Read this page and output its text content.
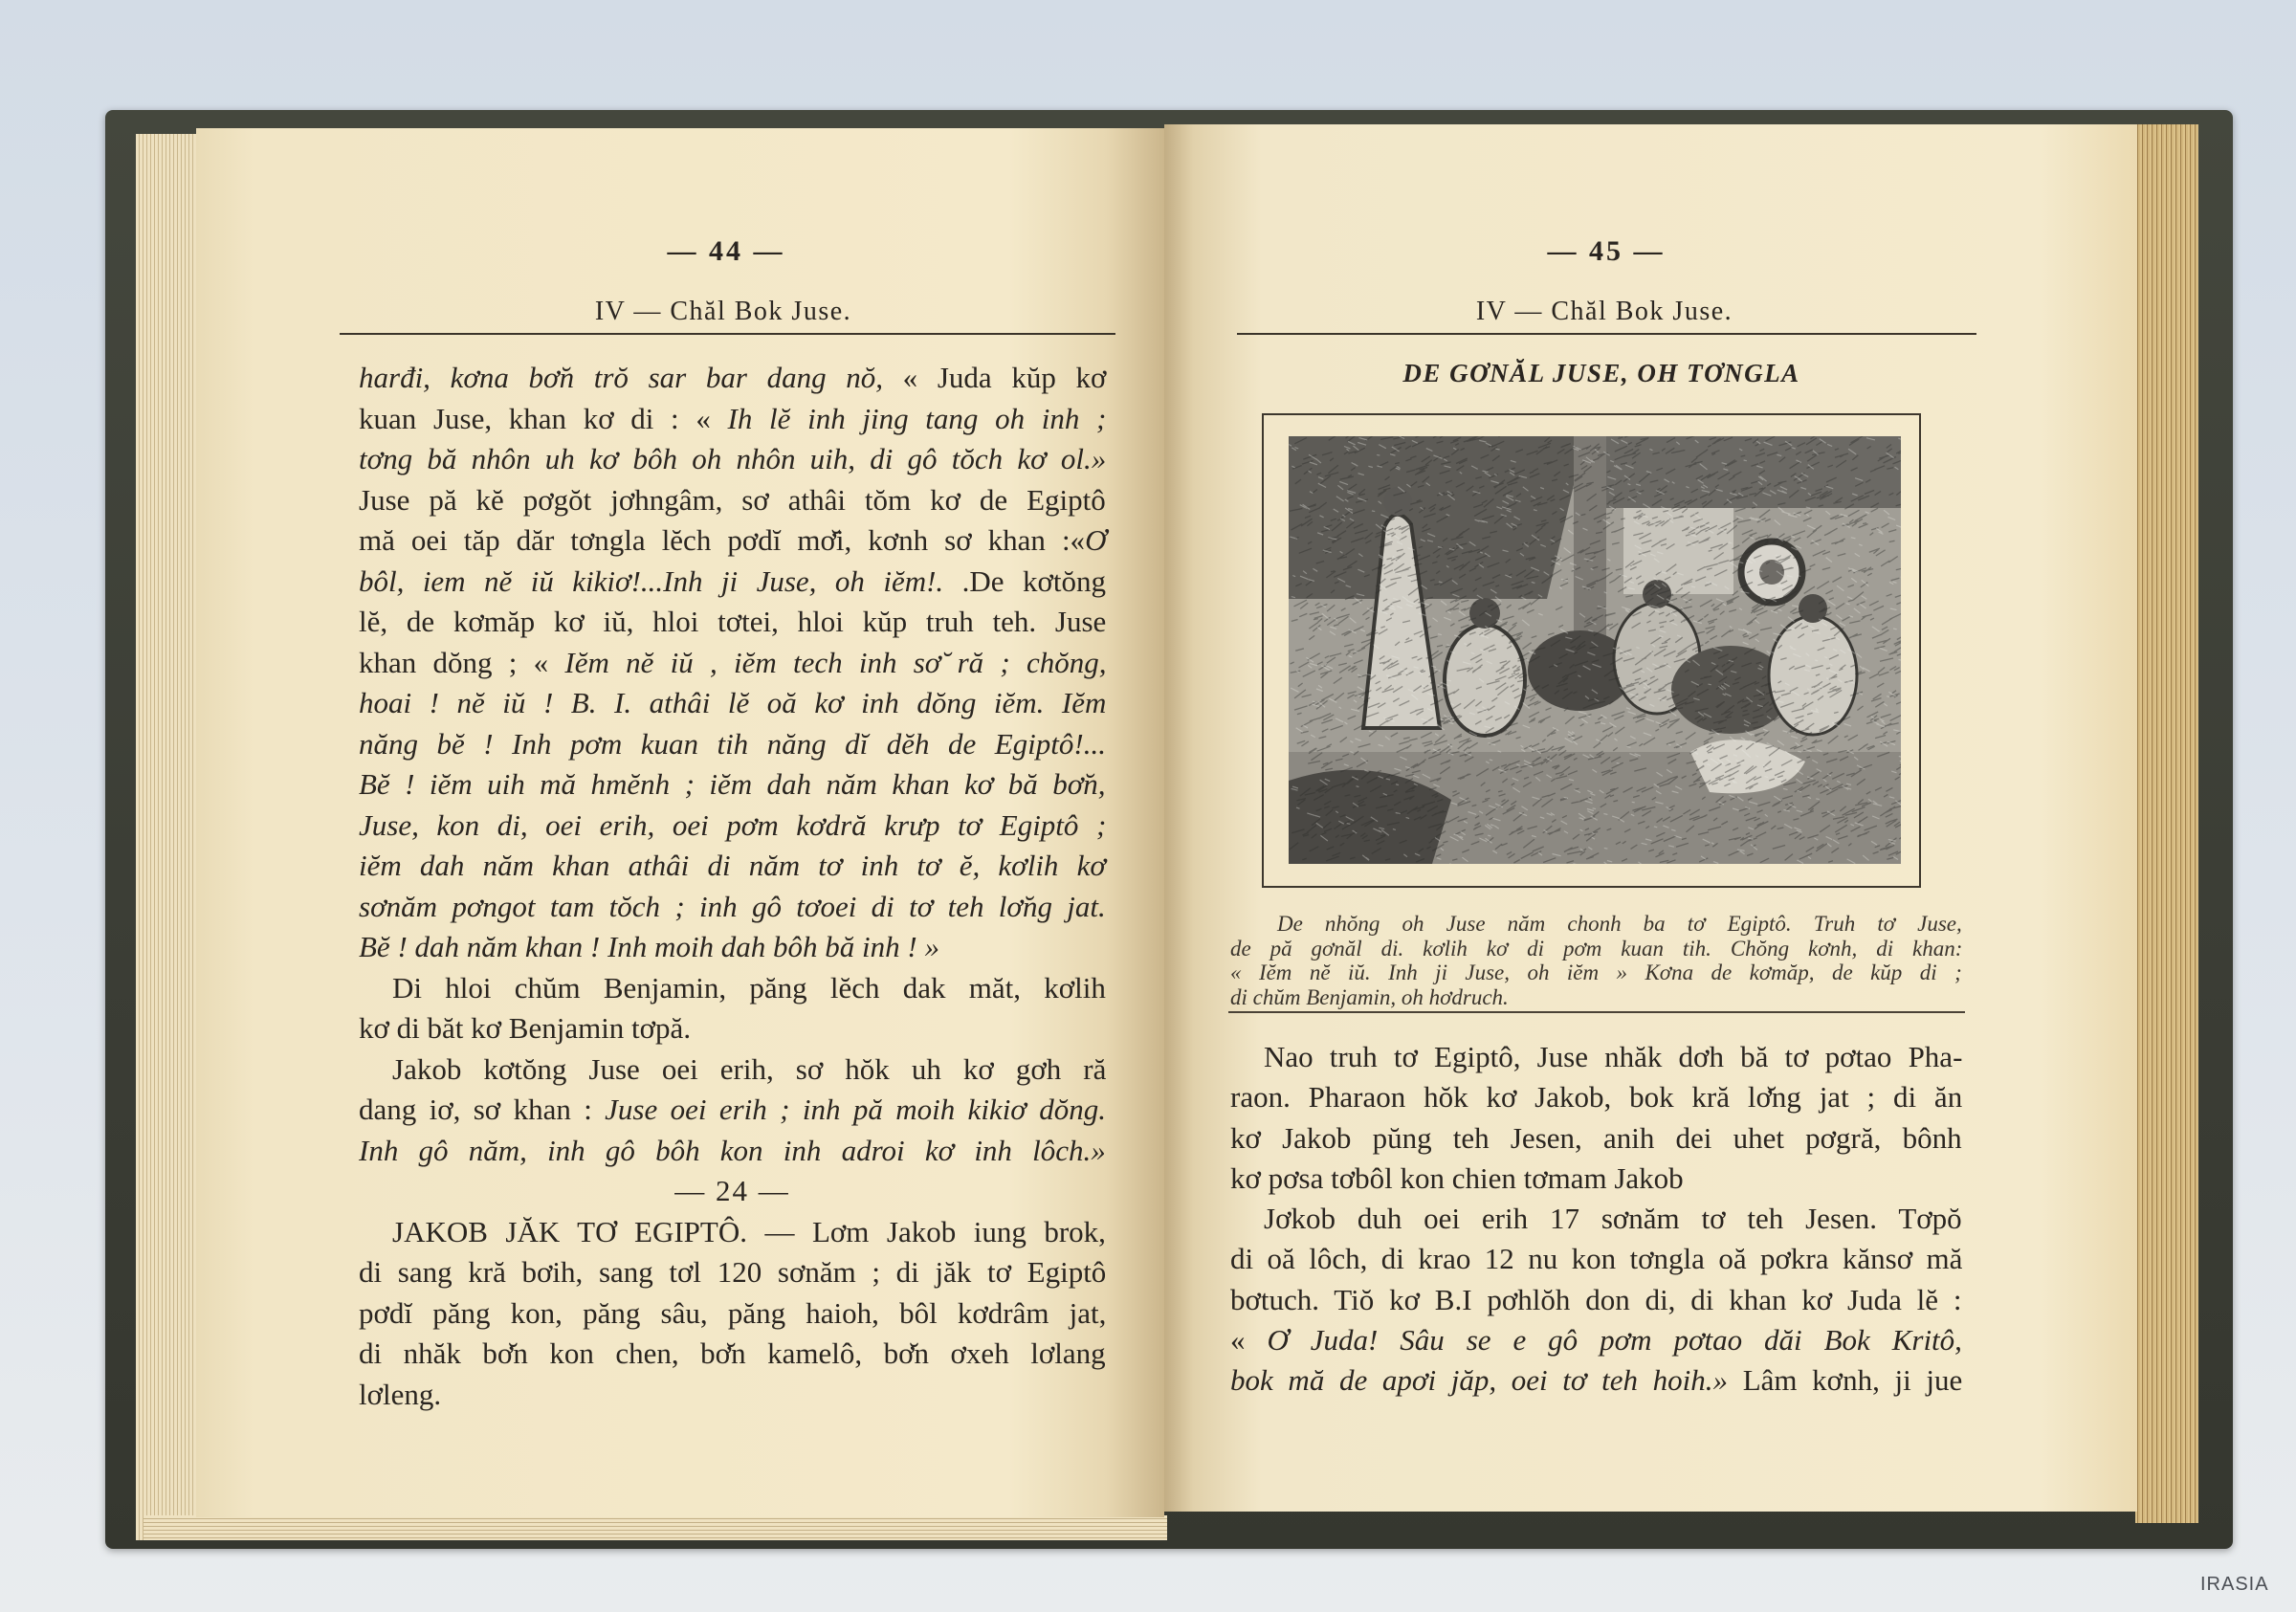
— 44 —
IV — Chăl Bok Juse.
— 45 —
IV — Chăl Bok Juse.
DE GƠNĂL JUSE, OH TƠNGLA
De nhŏng oh Juse năm chonh ba tơ Egiptô. Truh tơ Juse,
de pă gơnăl di. kơlih kơ di pơm kuan tih. Chŏng kơnh, di khan:
« Iĕm nĕ iŭ. Inh ji Juse, oh iĕm » Kơna de kơmăp, de kŭp di ;
di chŭm Benjamin, oh hơdruch.
harđi, kơna bơ̆n trŏ sar bar dang nŏ, « Juda kŭp kơ
kuan Juse, khan kơ di : « Ih lĕ inh jing tang oh inh ;
tơng bă nhôn uh kơ bôh oh nhôn uih, di gô tŏch kơ ol.»
Juse pă kĕ pơgŏt jơhngâm, sơ athâi tŏm kơ de Egiptô
mă oei tăp dăr tơngla lĕch pơdĭ mơ̆i, kơnh sơ khan :«Ơ
bôl, iem nĕ iŭ kikiơ!...Inh ji Juse, oh iĕm!. .De kơtŏng
lĕ, de kơmăp kơ iŭ, hloi tơtei, hloi kŭp truh teh. Juse
khan dŏng ; « Iĕm nĕ iŭ , iĕm tech inh sơ̆ ră ; chŏng,
hoai ! nĕ iŭ ! B. I. athâi lĕ oă kơ inh dŏng iĕm. Iĕm
năng bĕ ! Inh pơm kuan tih năng dĭ dĕh de Egiptô!...
Bĕ ! iĕm uih mă hmĕnh ; iĕm dah năm khan kơ bă bơ̆n,
Juse, kon di, oei erih, oei pơm kơdră krưp tơ Egiptô ;
iĕm dah năm khan athâi di năm tơ inh tơ ĕ, kơlih kơ
sơnăm pơngot tam tŏch ; inh gô tơoei di tơ teh lơ̆ng jat.
Bĕ ! dah năm khan ! Inh moih dah bôh bă inh ! »
Di hloi chŭm Benjamin, păng lĕch dak măt, kơlih
kơ di băt kơ Benjamin tơpă.
Jakob kơtŏng Juse oei erih, sơ hŏk uh kơ gơh ră
dang iơ, sơ khan : Juse oei erih ; inh pă moih kikiơ dŏng.
Inh gô năm, inh gô bôh kon inh adroi kơ inh lôch.»
— 24 —
JAKOB JĂK TƠ EGIPTÔ. — Lơm Jakob iung brok,
di sang kră bơih, sang tơl 120 sơnăm ; di jăk tơ Egiptô
pơdĭ păng kon, păng sâu, păng haioh, bôl kơdrâm jat,
di nhăk bơ̆n kon chen, bơ̆n kamelô, bơ̆n ơxeh lơlang
lơleng.
Nao truh tơ Egiptô, Juse nhăk dơh bă tơ pơtao Pha-
raon. Pharaon hŏk kơ Jakob, bok kră lơ̆ng jat ; di ăn
kơ Jakob pŭng teh Jesen, anih dei uhet pơgră, bônh
kơ pơsa tơbôl kon chien tơmam Jakob
Jơkob duh oei erih 17 sơnăm tơ teh Jesen. Tơpŏ
di oă lôch, di krao 12 nu kon tơngla oă pơkra kănsơ mă
bơtuch. Tiŏ kơ B.I pơhlŏh don di, di khan kơ Juda lĕ :
« Ơ Juda! Sâu se e gô pơm pơtao dăi Bok Kritô,
bok mă de apơi jăp, oei tơ teh hoih.» Lâm kơnh, ji jue
IRASIA
